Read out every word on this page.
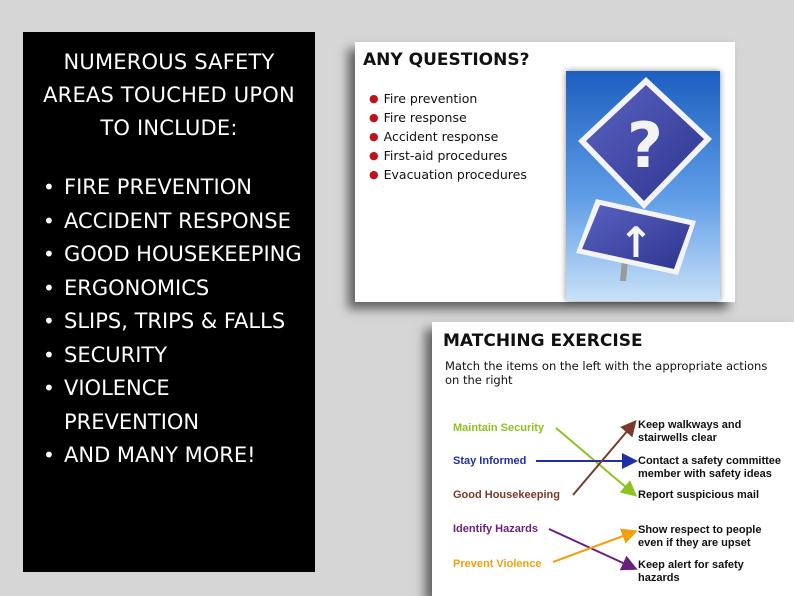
NUMEROUS SAFETY AREAS TOUCHED UPON TO INCLUDE:
• FIRE PREVENTION
• ACCIDENT RESPONSE
• GOOD HOUSEKEEPING
• ERGONOMICS
• SLIPS, TRIPS & FALLS
• SECURITY
• VIOLENCE PREVENTION
• AND MANY MORE!
ANY QUESTIONS?
● Fire prevention
● Fire response
● Accident response
● First-aid procedures
● Evacuation procedures ?
↑
MATCHING EXERCISE
Match the items on the left with the appropriate actions on the right
Maintain Security
Stay Informed
Good Housekeeping
Identify Hazards
Prevent Violence
Keep walkways and stairwells clear
Contact a safety committee member with safety ideas
Report suspicious mail
Show respect to people even if they are upset
Keep alert for safety hazards
